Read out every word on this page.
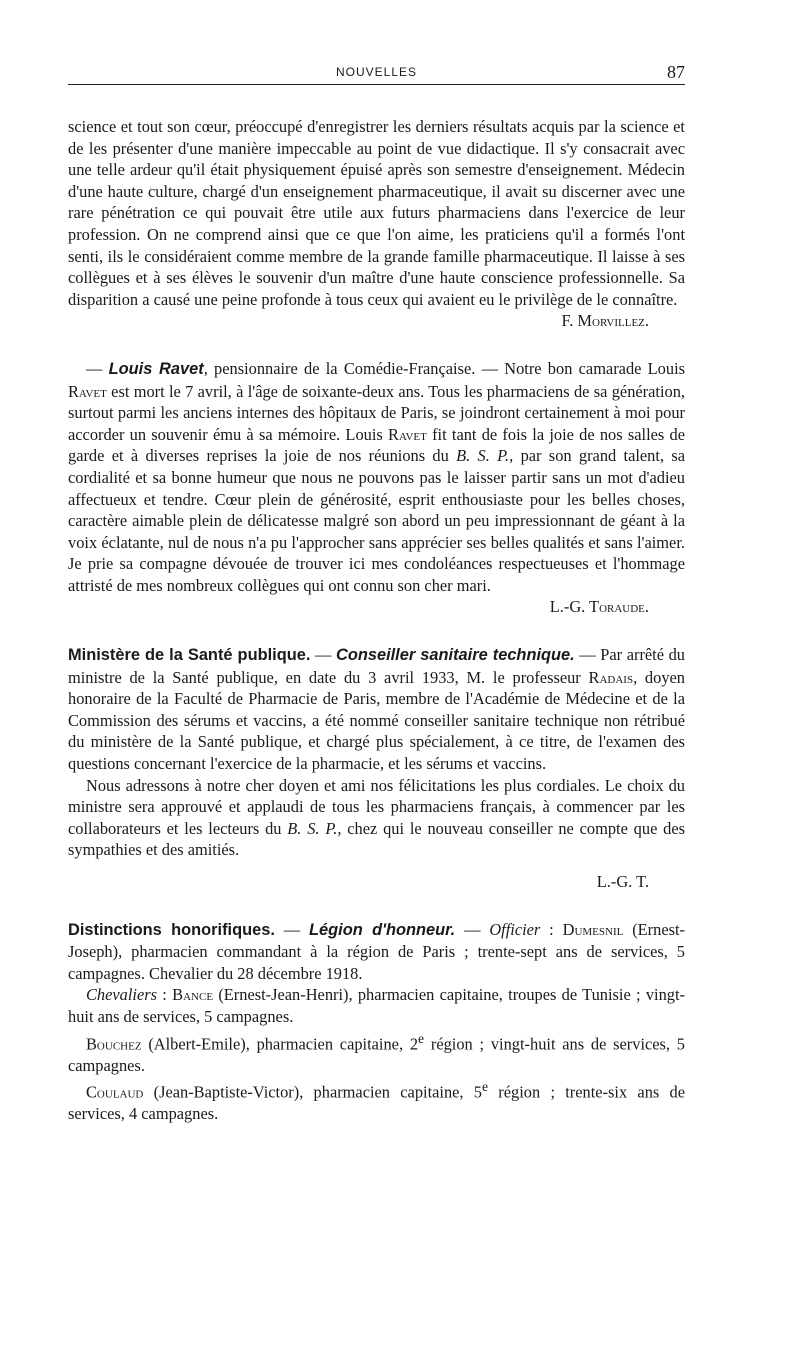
NOUVELLES	87

science et tout son cœur, préoccupé d'enregistrer les derniers résultats acquis par la science et de les présenter d'une manière impeccable au point de vue didactique. Il s'y consacrait avec une telle ardeur qu'il était physiquement épuisé après son semestre d'enseignement. Médecin d'une haute culture, chargé d'un enseignement pharmaceutique, il avait su discerner avec une rare pénétration ce qui pouvait être utile aux futurs pharmaciens dans l'exercice de leur profession. On ne comprend ainsi que ce que l'on aime, les praticiens qu'il a formés l'ont senti, ils le considéraient comme membre de la grande famille pharmaceutique. Il laisse à ses collègues et à ses élèves le souvenir d'un maître d'une haute conscience professionnelle. Sa disparition a causé une peine profonde à tous ceux qui avaient eu le privilège de le connaître.

F. Morvillez.

— Louis Ravet, pensionnaire de la Comédie-Française. — Notre bon camarade Louis Ravet est mort le 7 avril, à l'âge de soixante-deux ans. Tous les pharmaciens de sa génération, surtout parmi les anciens internes des hôpitaux de Paris, se joindront certainement à moi pour accorder un souvenir ému à sa mémoire. Louis Ravet fit tant de fois la joie de nos salles de garde et à diverses reprises la joie de nos réunions du B. S. P., par son grand talent, sa cordialité et sa bonne humeur que nous ne pouvons pas le laisser partir sans un mot d'adieu affectueux et tendre. Cœur plein de générosité, esprit enthousiaste pour les belles choses, caractère aimable plein de délicatesse malgré son abord un peu impressionnant de géant à la voix éclatante, nul de nous n'a pu l'approcher sans apprécier ses belles qualités et sans l'aimer. Je prie sa compagne dévouée de trouver ici mes condoléances respectueuses et l'hommage attristé de mes nombreux collègues qui ont connu son cher mari.

L.-G. Toraude.

Ministère de la Santé publique. — Conseiller sanitaire technique. — Par arrêté du ministre de la Santé publique, en date du 3 avril 1933, M. le professeur Radais, doyen honoraire de la Faculté de Pharmacie de Paris, membre de l'Académie de Médecine et de la Commission des sérums et vaccins, a été nommé conseiller sanitaire technique non rétribué du ministère de la Santé publique, et chargé plus spécialement, à ce titre, de l'examen des questions concernant l'exercice de la pharmacie, et les sérums et vaccins.

Nous adressons à notre cher doyen et ami nos félicitations les plus cordiales. Le choix du ministre sera approuvé et applaudi de tous les pharmaciens français, à commencer par les collaborateurs et les lecteurs du B. S. P., chez qui le nouveau conseiller ne compte que des sympathies et des amitiés.

L.-G. T.

Distinctions honorifiques. — Légion d'honneur. — Officier : Dumesnil (Ernest-Joseph), pharmacien commandant à la région de Paris ; trente-sept ans de services, 5 campagnes. Chevalier du 28 décembre 1918.

Chevaliers : Bance (Ernest-Jean-Henri), pharmacien capitaine, troupes de Tunisie ; vingt-huit ans de services, 5 campagnes.

Bouchez (Albert-Emile), pharmacien capitaine, 2e région ; vingt-huit ans de services, 5 campagnes.

Coulaud (Jean-Baptiste-Victor), pharmacien capitaine, 5e région ; trente-six ans de services, 4 campagnes.
